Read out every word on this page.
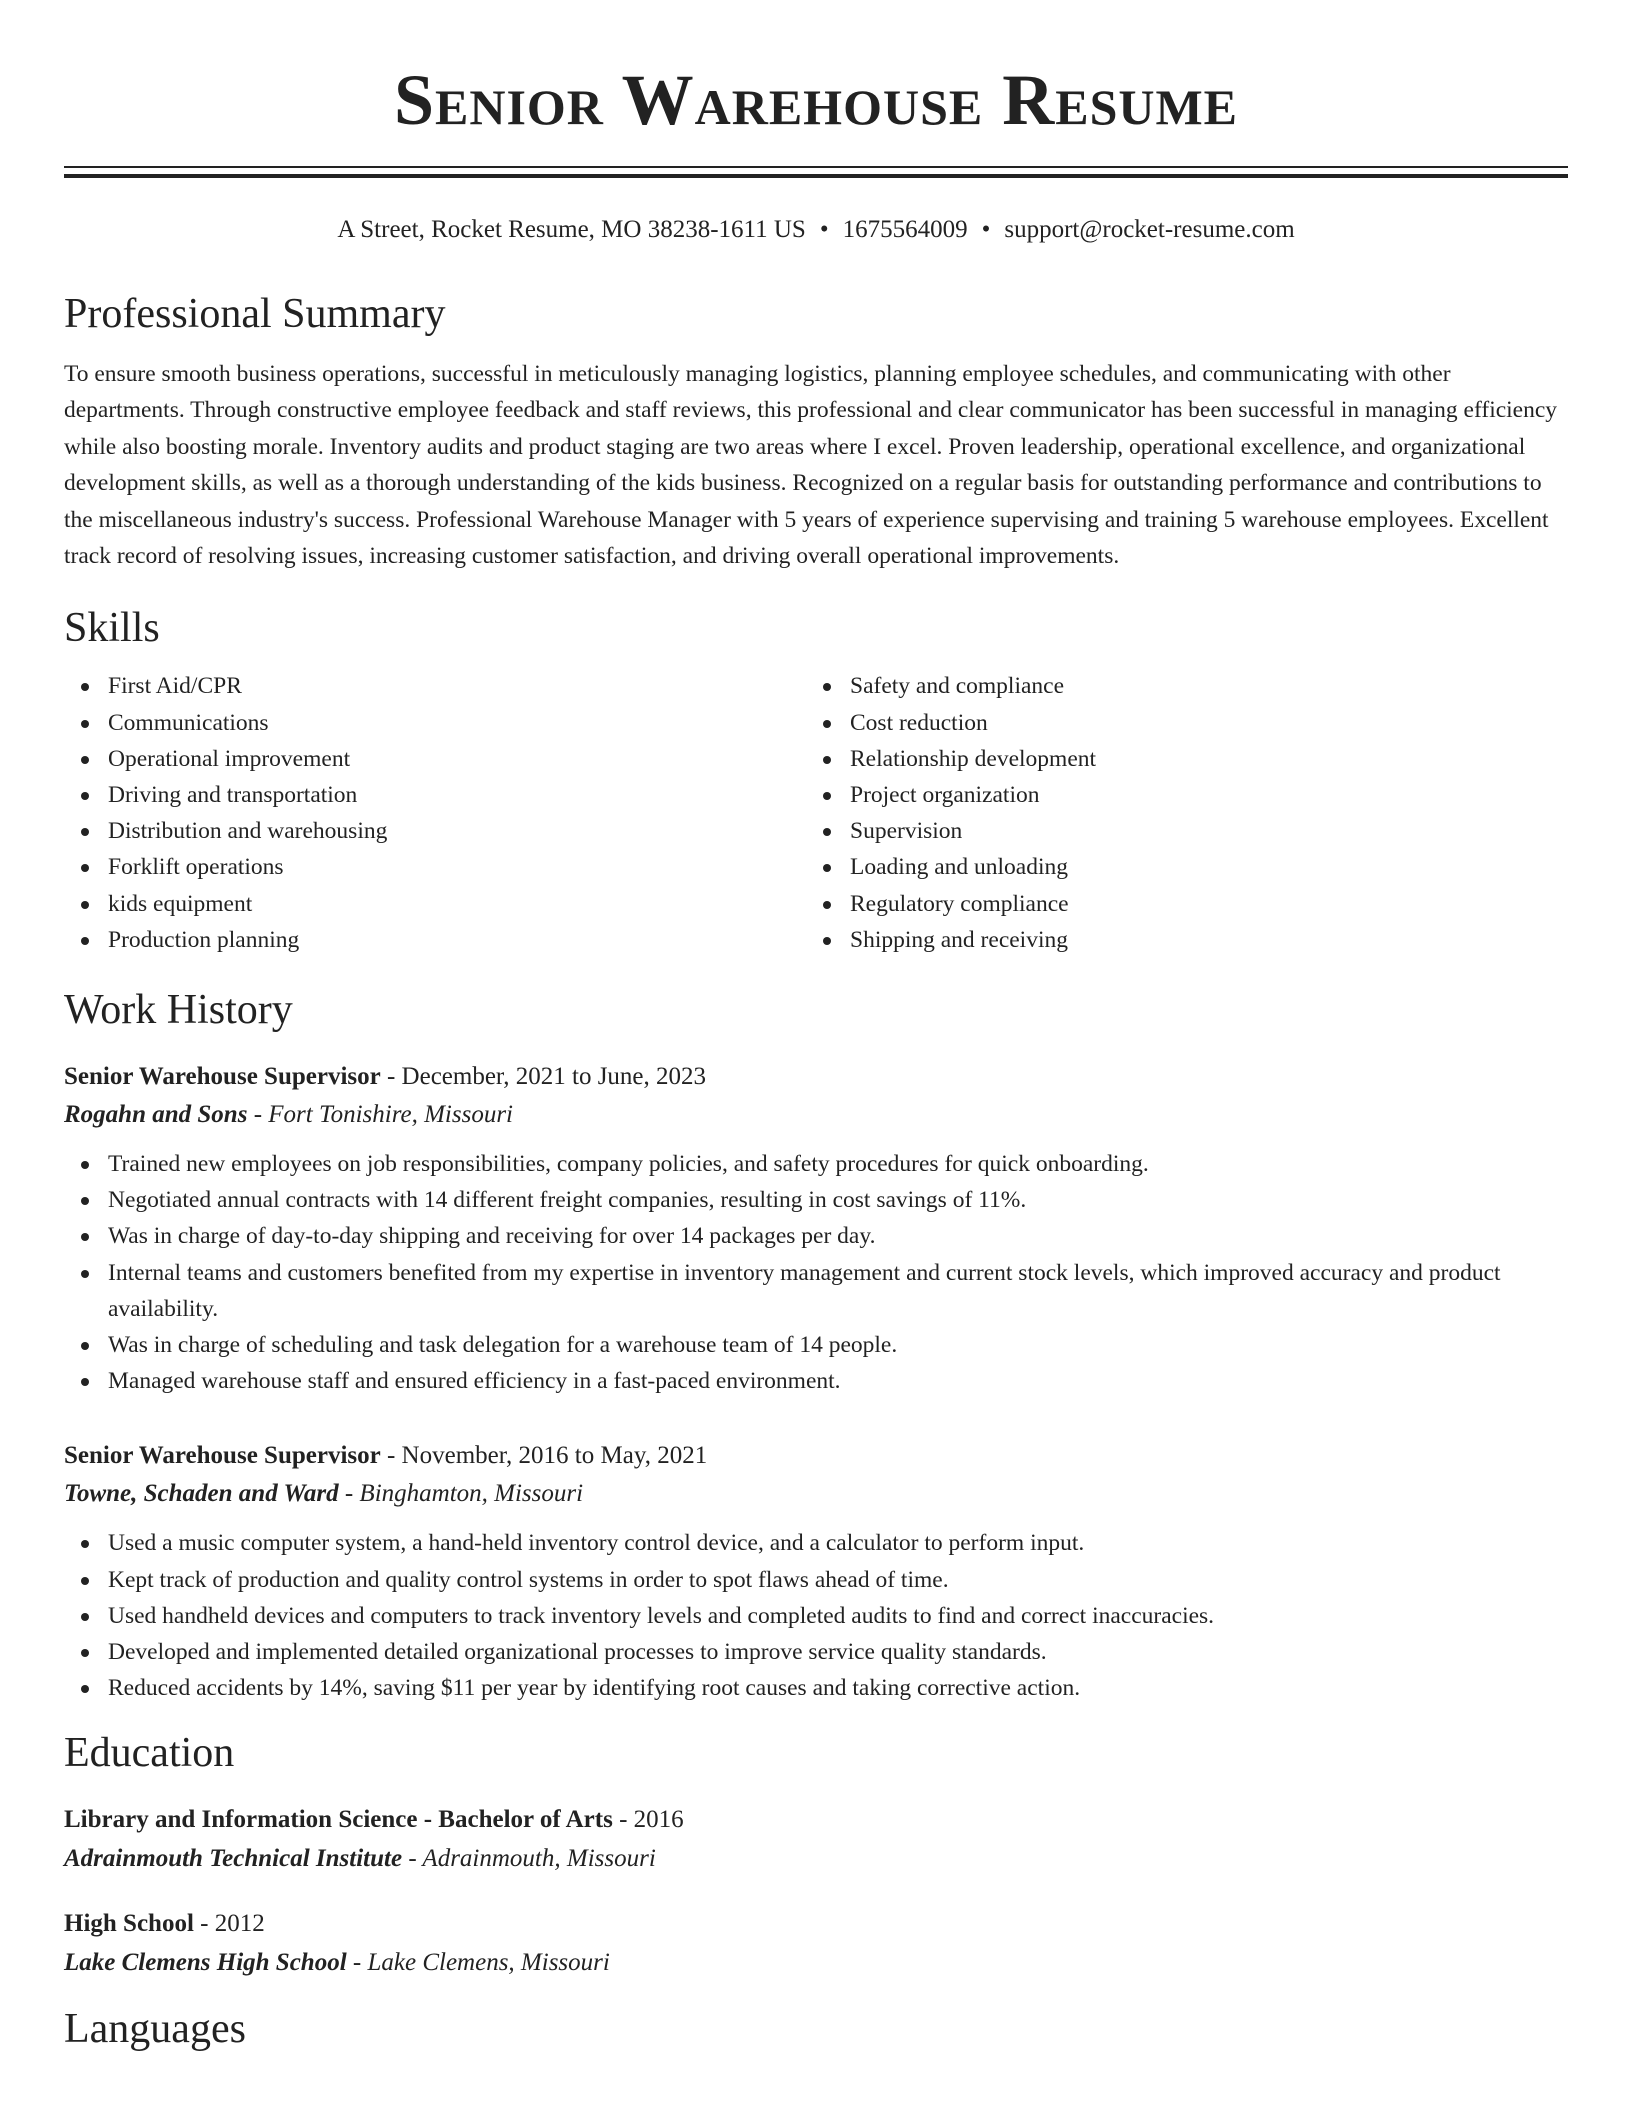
Senior Warehouse Resume
A Street, Rocket Resume, MO 38238-1611 US • 1675564009 • support@rocket-resume.com
Professional Summary

To ensure smooth business operations, successful in meticulously managing logistics, planning employee schedules, and communicating with other departments. Through constructive employee feedback and staff reviews, this professional and clear communicator has been successful in managing efficiency while also boosting morale. Inventory audits and product staging are two areas where I excel. Proven leadership, operational excellence, and organizational development skills, as well as a thorough understanding of the kids business. Recognized on a regular basis for outstanding performance and contributions to the miscellaneous industry's success. Professional Warehouse Manager with 5 years of experience supervising and training 5 warehouse employees. Excellent track record of resolving issues, increasing customer satisfaction, and driving overall operational improvements.

Skills
First Aid/CPR
Communications
Operational improvement
Driving and transportation
Distribution and warehousing
Forklift operations
kids equipment
Production planning
Safety and compliance
Cost reduction
Relationship development
Project organization
Supervision
Loading and unloading
Regulatory compliance
Shipping and receiving
Work History
Senior Warehouse Supervisor - December, 2021 to June, 2023
Rogahn and Sons - Fort Tonishire, Missouri
Trained new employees on job responsibilities, company policies, and safety procedures for quick onboarding.
Negotiated annual contracts with 14 different freight companies, resulting in cost savings of 11%.
Was in charge of day-to-day shipping and receiving for over 14 packages per day.
Internal teams and customers benefited from my expertise in inventory management and current stock levels, which improved accuracy and product availability.
Was in charge of scheduling and task delegation for a warehouse team of 14 people.
Managed warehouse staff and ensured efficiency in a fast-paced environment.
Senior Warehouse Supervisor - November, 2016 to May, 2021
Towne, Schaden and Ward - Binghamton, Missouri
Used a music computer system, a hand-held inventory control device, and a calculator to perform input.
Kept track of production and quality control systems in order to spot flaws ahead of time.
Used handheld devices and computers to track inventory levels and completed audits to find and correct inaccuracies.
Developed and implemented detailed organizational processes to improve service quality standards.
Reduced accidents by 14%, saving $11 per year by identifying root causes and taking corrective action.
Education
Library and Information Science - Bachelor of Arts - 2016
Adrainmouth Technical Institute - Adrainmouth, Missouri
High School - 2012
Lake Clemens High School - Lake Clemens, Missouri
Languages
